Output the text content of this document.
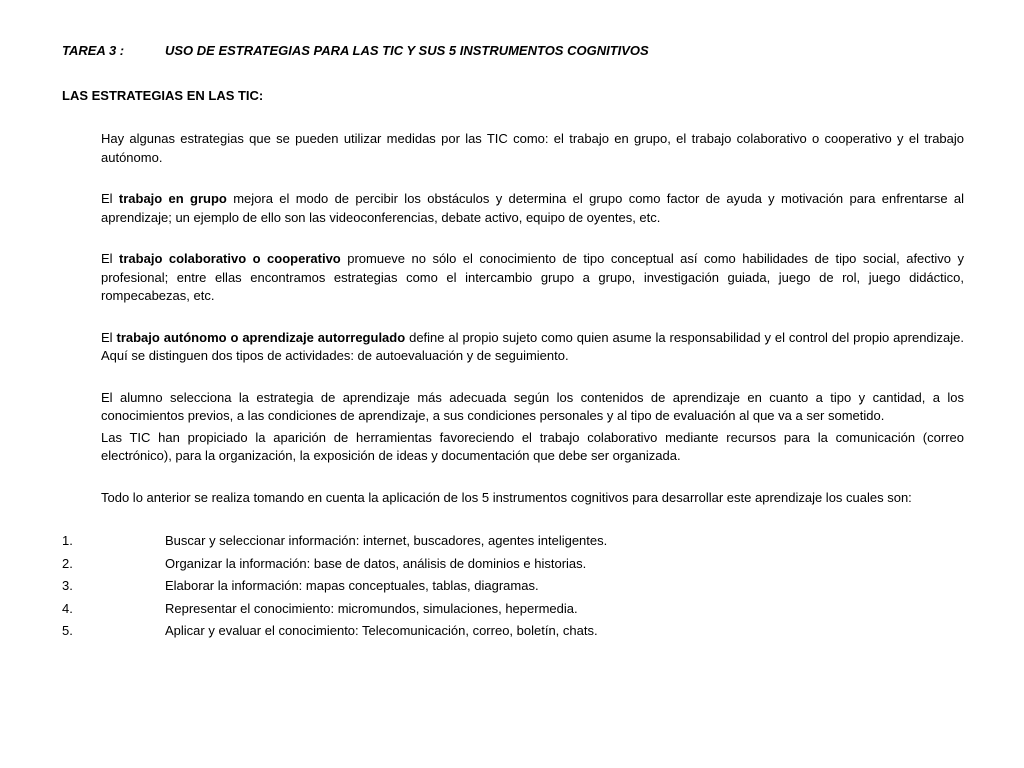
TAREA 3 :	USO DE ESTRATEGIAS PARA LAS TIC Y SUS 5 INSTRUMENTOS COGNITIVOS
LAS ESTRATEGIAS EN LAS TIC:

Hay algunas estrategias que se pueden utilizar medidas por las TIC como: el trabajo en grupo, el trabajo colaborativo o cooperativo y el trabajo autónomo.

El trabajo en grupo mejora el modo de percibir los obstáculos y determina el grupo como factor de ayuda y motivación para enfrentarse al aprendizaje; un ejemplo de ello son las videoconferencias, debate activo, equipo de oyentes, etc.

El trabajo colaborativo o cooperativo promueve no sólo el conocimiento de tipo conceptual así como habilidades de tipo social, afectivo y profesional; entre ellas encontramos estrategias como el intercambio grupo a grupo, investigación guiada, juego de rol, juego didáctico, rompecabezas, etc.

El trabajo autónomo o aprendizaje autorregulado define al propio sujeto como quien asume la responsabilidad y el control del propio aprendizaje. Aquí se distinguen dos tipos de actividades: de autoevaluación y de seguimiento.

El alumno selecciona la estrategia de aprendizaje más adecuada según los contenidos de aprendizaje en cuanto a tipo y cantidad, a los conocimientos previos, a las condiciones de aprendizaje, a sus condiciones personales y al tipo de evaluación al que va a ser sometido.

Las TIC han propiciado la aparición de herramientas favoreciendo el trabajo colaborativo mediante recursos para la comunicación (correo electrónico), para la organización, la exposición de ideas y documentación que debe ser organizada.

Todo lo anterior se realiza tomando en cuenta la aplicación de los 5 instrumentos cognitivos para desarrollar este aprendizaje los cuales son:

1.	Buscar y seleccionar información: internet, buscadores, agentes inteligentes.
2.	Organizar la información: base de datos, análisis de dominios e historias.
3.	Elaborar la información: mapas conceptuales, tablas, diagramas.
4.	Representar el conocimiento: micromundos, simulaciones, hepermedia.
5.	Aplicar y evaluar el conocimiento: Telecomunicación, correo, boletín, chats.
